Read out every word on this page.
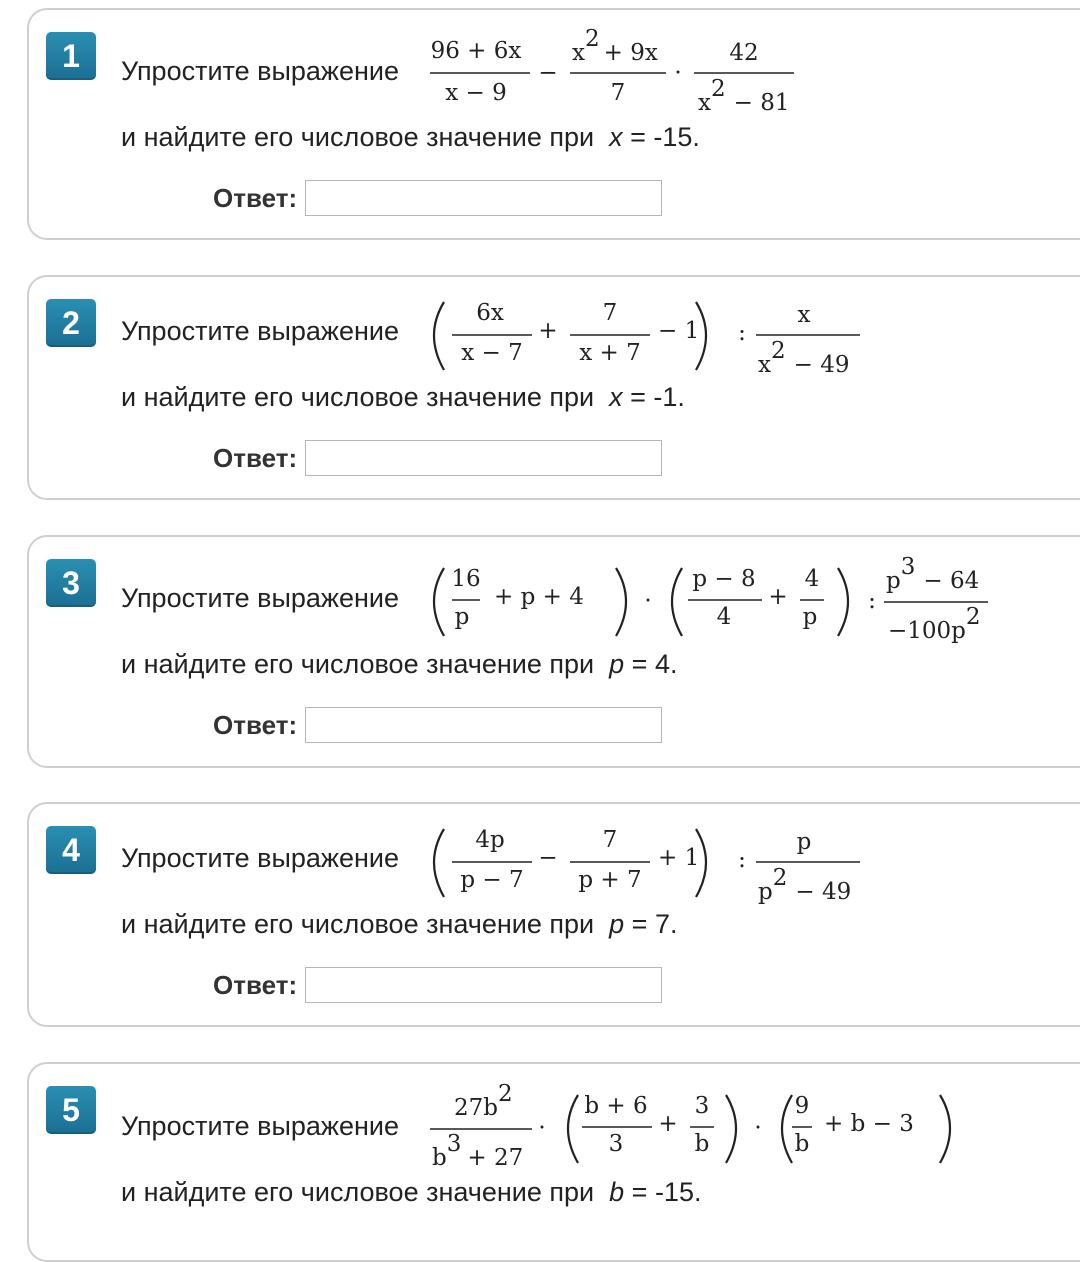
1	Упростите выражение
96 + 6x
x − 9
−
x2+ 9x
7
·
42
x2− 81
и найдите его числовое значение при x = -15.
Ответ:
2	Упростите выражение
6x
x − 7
+
7
x + 7
− 1 :
x
x2− 49
и найдите его числовое значение при x = -1.
Ответ:
3	Упростите выражение
16
p
+ p + 4	·
p − 8
4
+
4
p
:
p3− 64
−100p2
и найдите его числовое значение при p = 4.
Ответ:
4	Упростите выражение
4p
p − 7
−
7
p + 7
+ 1 :
p
p2− 49
и найдите его числовое значение при p = 7.
Ответ:
5	Упростите выражение
27b2
b3+ 27
·
b + 6
3
+
3
b
·
9
b
+ b − 3
и найдите его числовое значение при b = -15.
